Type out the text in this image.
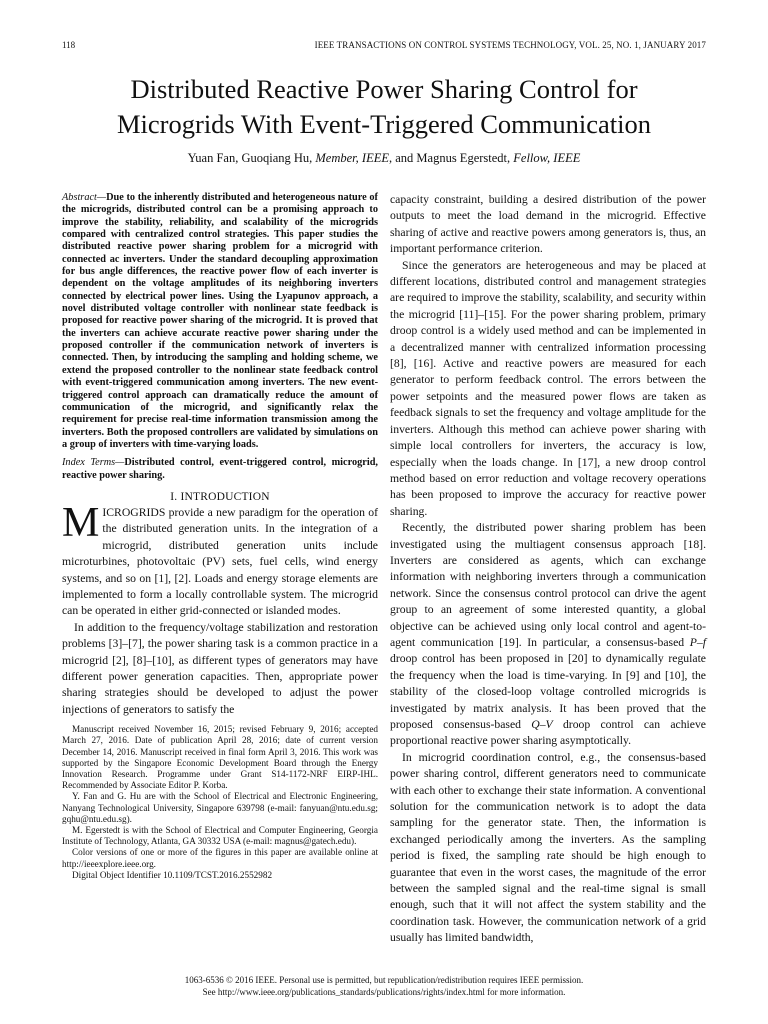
118	IEEE TRANSACTIONS ON CONTROL SYSTEMS TECHNOLOGY, VOL. 25, NO. 1, JANUARY 2017
Distributed Reactive Power Sharing Control for
Microgrids With Event-Triggered Communication
Yuan Fan, Guoqiang Hu, Member, IEEE, and Magnus Egerstedt, Fellow, IEEE

Abstract—Due to the inherently distributed and heterogeneous nature of the microgrids, distributed control can be a promising approach to improve the stability, reliability, and scalability of the microgrids compared with centralized control strategies. This paper studies the distributed reactive power sharing problem for a microgrid with connected ac inverters. Under the standard decoupling approximation for bus angle differences, the reactive power flow of each inverter is dependent on the voltage amplitudes of its neighboring inverters connected by electrical power lines. Using the Lyapunov approach, a novel distributed voltage controller with nonlinear state feedback is proposed for reactive power sharing of the microgrid. It is proved that the inverters can achieve accurate reactive power sharing under the proposed controller if the communication network of inverters is connected. Then, by introducing the sampling and holding scheme, we extend the proposed controller to the nonlinear state feedback control with event-triggered communication among inverters. The new event-triggered control approach can dramatically reduce the amount of communication of the microgrid, and significantly relax the requirement for precise real-time information transmission among the inverters. Both the proposed controllers are validated by simulations on a group of inverters with time-varying loads.

Index Terms—Distributed control, event-triggered control, microgrid, reactive power sharing.

I. INTRODUCTION

MICROGRIDS provide a new paradigm for the operation of the distributed generation units. In the integration of a microgrid, distributed generation units include microturbines, photovoltaic (PV) sets, fuel cells, wind energy systems, and so on [1], [2]. Loads and energy storage elements are implemented to form a locally controllable system. The microgrid can be operated in either grid-connected or islanded modes.

In addition to the frequency/voltage stabilization and restoration problems [3]–[7], the power sharing task is a common practice in a microgrid [2], [8]–[10], as different types of generators may have different power generation capacities. Then, appropriate power sharing strategies should be developed to adjust the power injections of generators to satisfy the

Manuscript received November 16, 2015; revised February 9, 2016; accepted March 27, 2016. Date of publication April 28, 2016; date of current version December 14, 2016. Manuscript received in final form April 3, 2016. This work was supported by the Singapore Economic Development Board through the Energy Innovation Research. Programme under Grant S14-1172-NRF EIRP-IHL. Recommended by Associate Editor P. Korba.

Y. Fan and G. Hu are with the School of Electrical and Electronic Engineering, Nanyang Technological University, Singapore 639798 (e-mail: fanyuan@ntu.edu.sg; gqhu@ntu.edu.sg).

M. Egerstedt is with the School of Electrical and Computer Engineering, Georgia Institute of Technology, Atlanta, GA 30332 USA (e-mail: magnus@gatech.edu).

Color versions of one or more of the figures in this paper are available online at http://ieeexplore.ieee.org.

Digital Object Identifier 10.1109/TCST.2016.2552982

capacity constraint, building a desired distribution of the power outputs to meet the load demand in the microgrid. Effective sharing of active and reactive powers among generators is, thus, an important performance criterion.

Since the generators are heterogeneous and may be placed at different locations, distributed control and management strategies are required to improve the stability, scalability, and security within the microgrid [11]–[15]. For the power sharing problem, primary droop control is a widely used method and can be implemented in a decentralized manner with centralized information processing [8], [16]. Active and reactive powers are measured for each generator to perform feedback control. The errors between the power setpoints and the measured power flows are taken as feedback signals to set the frequency and voltage amplitude for the inverters. Although this method can achieve power sharing with simple local controllers for inverters, the accuracy is low, especially when the loads change. In [17], a new droop control method based on error reduction and voltage recovery operations has been proposed to improve the accuracy for reactive power sharing.

Recently, the distributed power sharing problem has been investigated using the multiagent consensus approach [18]. Inverters are considered as agents, which can exchange information with neighboring inverters through a communication network. Since the consensus control protocol can drive the agent group to an agreement of some interested quantity, a global objective can be achieved using only local control and agent-to-agent communication [19]. In particular, a consensus-based P–f droop control has been proposed in [20] to dynamically regulate the frequency when the load is time-varying. In [9] and [10], the stability of the closed-loop voltage controlled microgrids is investigated by matrix analysis. It has been proved that the proposed consensus-based Q–V droop control can achieve proportional reactive power sharing asymptotically.

In microgrid coordination control, e.g., the consensus-based power sharing control, different generators need to communicate with each other to exchange their state information. A conventional solution for the communication network is to adopt the data sampling for the generator state. Then, the information is exchanged periodically among the inverters. As the sampling period is fixed, the sampling rate should be high enough to guarantee that even in the worst cases, the magnitude of the error between the sampled signal and the real-time signal is small enough, such that it will not affect the system stability and the coordination task. However, the communication network of a grid usually has limited bandwidth,

1063-6536 © 2016 IEEE. Personal use is permitted, but republication/redistribution requires IEEE permission.
See http://www.ieee.org/publications_standards/publications/rights/index.html for more information.
